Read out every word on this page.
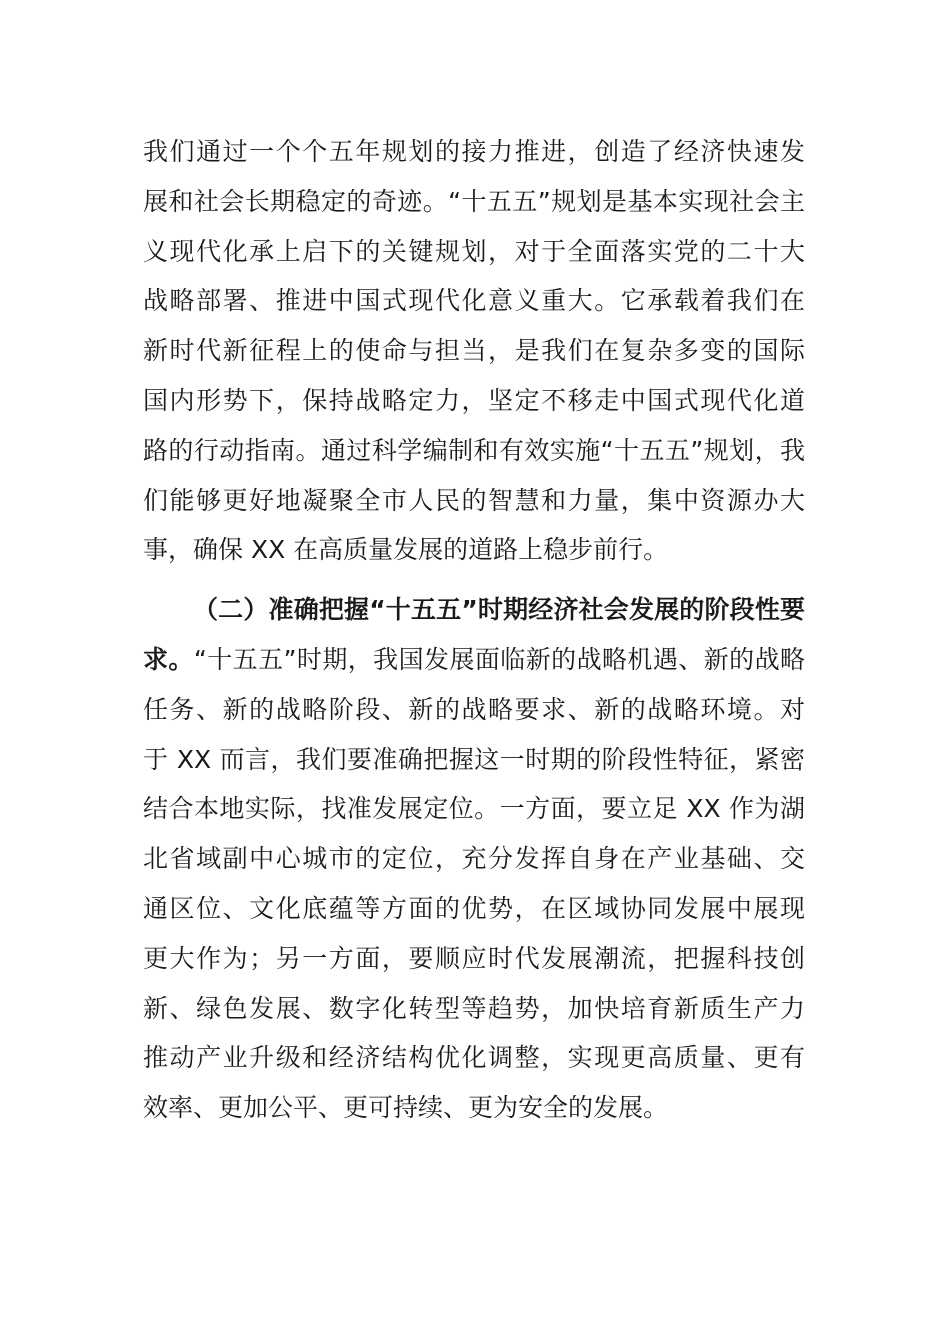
我们通过一个个五年规划的接力推进，创造了经济快速发
展和社会长期稳定的奇迹。“十五五”规划是基本实现社会主
义现代化承上启下的关键规划，对于全面落实党的二十大
战略部署、推进中国式现代化意义重大。它承载着我们在
新时代新征程上的使命与担当，是我们在复杂多变的国际
国内形势下，保持战略定力，坚定不移走中国式现代化道
路的行动指南。通过科学编制和有效实施“十五五”规划，我
们能够更好地凝聚全市人民的智慧和力量，集中资源办大
事，确保 XX 在高质量发展的道路上稳步前行。
（二）准确把握“十五五”时期经济社会发展的阶段性要
求。“十五五”时期，我国发展面临新的战略机遇、新的战略
任务、新的战略阶段、新的战略要求、新的战略环境。对
于 XX 而言，我们要准确把握这一时期的阶段性特征，紧密
结合本地实际，找准发展定位。一方面，要立足 XX 作为湖
北省域副中心城市的定位，充分发挥自身在产业基础、交
通区位、文化底蕴等方面的优势，在区域协同发展中展现
更大作为；另一方面，要顺应时代发展潮流，把握科技创
新、绿色发展、数字化转型等趋势，加快培育新质生产力
推动产业升级和经济结构优化调整，实现更高质量、更有
效率、更加公平、更可持续、更为安全的发展。
